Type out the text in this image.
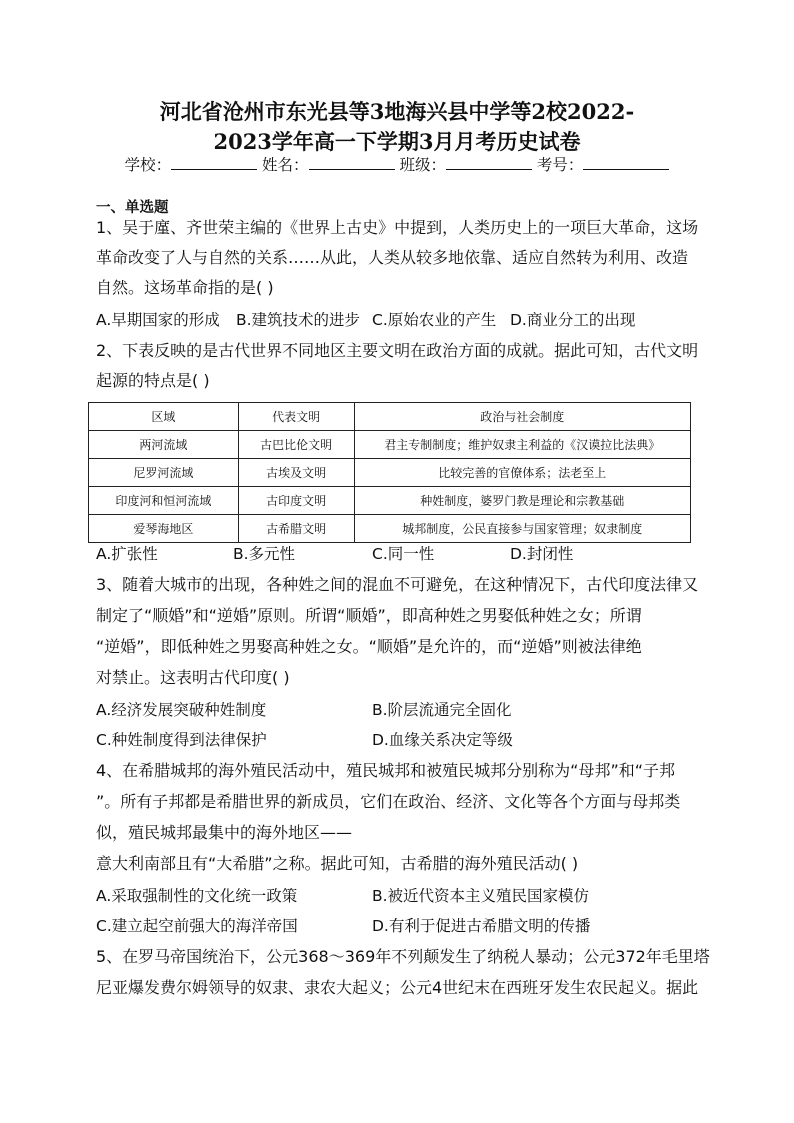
河北省沧州市东光县等3地海兴县中学等2校2022-
2023学年高一下学期3月月考历史试卷
学校：	姓名：	班级：	考号：
一、单选题
1、吴于廑、齐世荣主编的《世界上古史》中提到，人类历史上的一项巨大革命，这场
革命改变了人与自然的关系……从此，人类从较多地依靠、适应自然转为利用、改造
自然。这场革命指的是( )
A.早期国家的形成 B.建筑技术的进步 C.原始农业的产生 D.商业分工的出现
2、下表反映的是古代世界不同地区主要文明在政治方面的成就。据此可知，古代文明
起源的特点是( )
区域	代表文明	政治与社会制度
两河流域	古巴比伦文明	君主专制制度；维护奴隶主利益的《汉谟拉比法典》
尼罗河流域	古埃及文明	比较完善的官僚体系；法老至上
印度河和恒河流域	古印度文明	种姓制度，婆罗门教是理论和宗教基础
爱琴海地区	古希腊文明	城邦制度，公民直接参与国家管理；奴隶制度
A.扩张性	B.多元性	C.同一性	D.封闭性
3、随着大城市的出现，各种姓之间的混血不可避免，在这种情况下，古代印度法律又
制定了“顺婚”和“逆婚”原则。所谓“顺婚”，即高种姓之男娶低种姓之女；所谓
“逆婚”，即低种姓之男娶高种姓之女。“顺婚”是允许的，而“逆婚”则被法律绝
对禁止。这表明古代印度( )
A.经济发展突破种姓制度	B.阶层流通完全固化
C.种姓制度得到法律保护	D.血缘关系决定等级
4、在希腊城邦的海外殖民活动中，殖民城邦和被殖民城邦分别称为“母邦”和“子邦
”。所有子邦都是希腊世界的新成员，它们在政治、经济、文化等各个方面与母邦类
似，殖民城邦最集中的海外地区——
意大利南部且有“大希腊”之称。据此可知，古希腊的海外殖民活动( )
A.采取强制性的文化统一政策	B.被近代资本主义殖民国家模仿
C.建立起空前强大的海洋帝国	D.有利于促进古希腊文明的传播
5、在罗马帝国统治下，公元368～369年不列颠发生了纳税人暴动；公元372年毛里塔
尼亚爆发费尔姆领导的奴隶、隶农大起义；公元4世纪末在西班牙发生农民起义。据此
